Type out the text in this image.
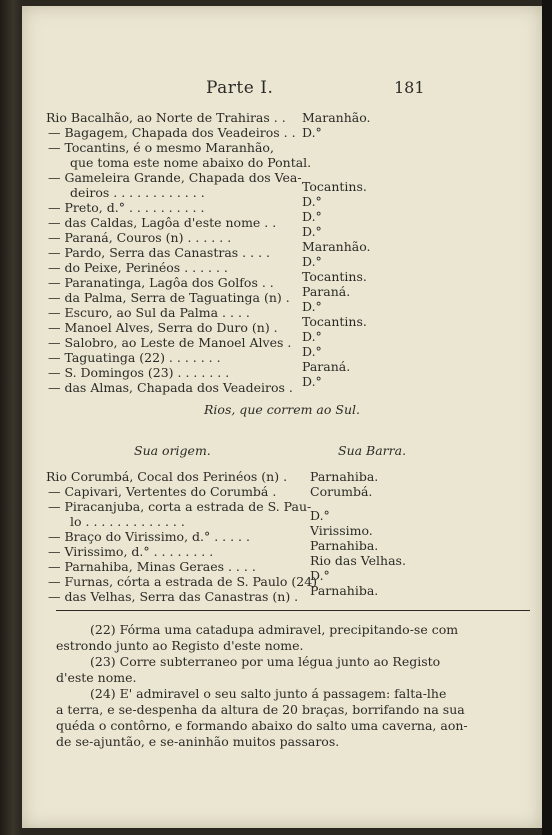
Parte I.	181
Rio Bacalhão, ao Norte de Trahiras . . Maranhão.
— Bagagem, Chapada dos Veadeiros . . D.°
— Tocantins, é o mesmo Maranhão,
que toma este nome abaixo do Pontal.
— Gameleira Grande, Chapada dos Vea-
deiros . . . . . . . . . . . .	Tocantins.
— Preto, d.° . . . . . . . . . .	D.°
— das Caldas, Lagôa d'este nome . . D.°
— Paraná, Couros (n) . . . . . .	D.°
— Pardo, Serra das Canastras . . . .	Maranhão.
— do Peixe, Perinéos . . . . . .	D.°
— Paranatinga, Lagôa dos Golfos . . Tocantins.
— da Palma, Serra de Taguatinga (n) . Paraná.
— Escuro, ao Sul da Palma . . . .	D.°
— Manoel Alves, Serra do Duro (n) . Tocantins.
— Salobro, ao Leste de Manoel Alves . D.°
— Taguatinga (22) . . . . . . .	D.°
— S. Domingos (23) . . . . . . .	Paraná.
— das Almas, Chapada dos Veadeiros . D.°
Rios, que correm ao Sul.
Sua origem.	Sua Barra.
Rio Corumbá, Cocal dos Perinéos (n) . Parnahiba.
— Capivari, Vertentes do Corumbá .	Corumbá.
— Piracanjuba, corta a estrada de S. Pau-
lo . . . . . . . . . . . . .	D.°
— Braço do Virissimo, d.° . . . . .	Virissimo.
— Virissimo, d.° . . . . . . . .	Parnahiba.
— Parnahiba, Minas Geraes . . . .	Rio das Velhas.
— Furnas, córta a estrada de S. Paulo (24)
D.°
— das Velhas, Serra das Canastras (n) . Parnahiba.
(22) Fórma uma catadupa admiravel, precipitando-se com
estrondo junto ao Registo d'este nome.
(23) Corre subterraneo por uma légua junto ao Registo
d'este nome.
(24) E' admiravel o seu salto junto á passagem: falta-lhe
a terra, e se-despenha da altura de 20 braças, borrifando na sua
quéda o contôrno, e formando abaixo do salto uma caverna, aon-
de se-ajuntão, e se-aninhão muitos passaros.
